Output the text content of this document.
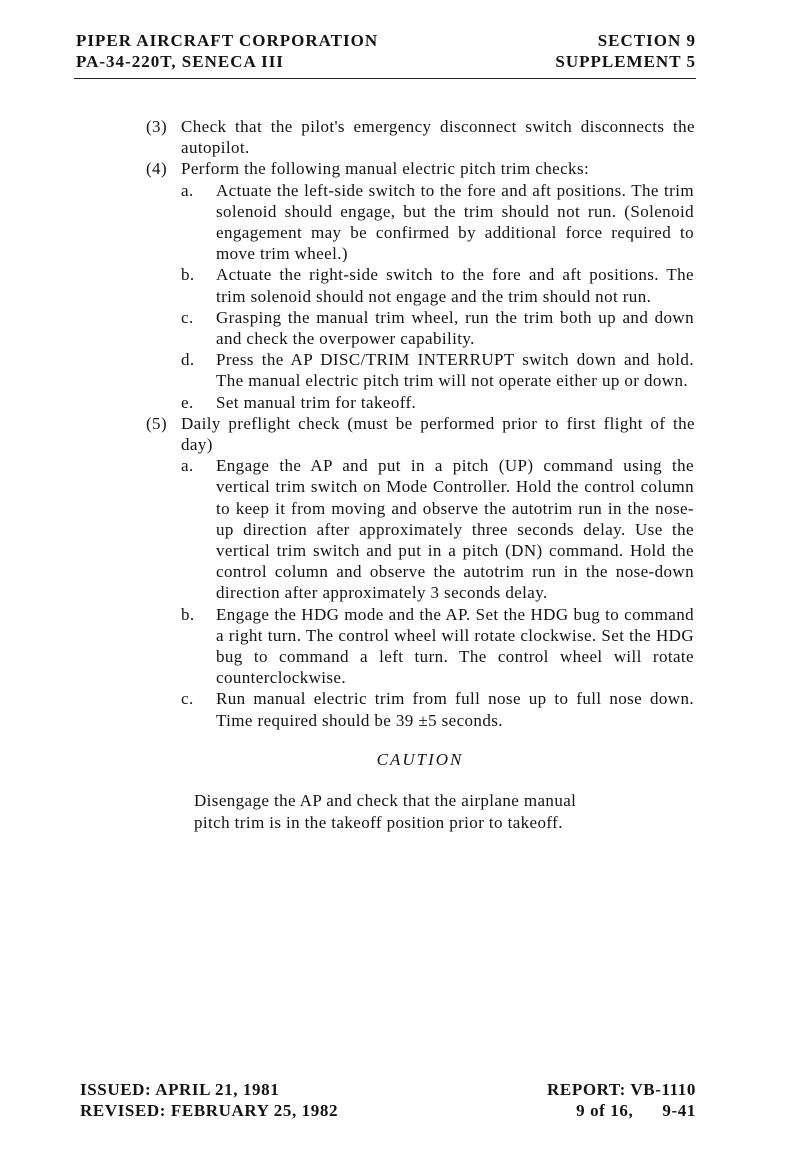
PIPER AIRCRAFT CORPORATION
PA-34-220T, SENECA III
SECTION 9
SUPPLEMENT 5
(3) Check that the pilot's emergency disconnect switch disconnects the autopilot.
(4) Perform the following manual electric pitch trim checks:
a. Actuate the left-side switch to the fore and aft positions. The trim solenoid should engage, but the trim should not run. (Solenoid engagement may be confirmed by additional force required to move trim wheel.)
b. Actuate the right-side switch to the fore and aft positions. The trim solenoid should not engage and the trim should not run.
c. Grasping the manual trim wheel, run the trim both up and down and check the overpower capability.
d. Press the AP DISC/TRIM INTERRUPT switch down and hold. The manual electric pitch trim will not operate either up or down.
e. Set manual trim for takeoff.
(5) Daily preflight check (must be performed prior to first flight of the day)
a. Engage the AP and put in a pitch (UP) command using the vertical trim switch on Mode Controller. Hold the control column to keep it from moving and observe the autotrim run in the nose-up direction after approximately three seconds delay. Use the vertical trim switch and put in a pitch (DN) command. Hold the control column and observe the autotrim run in the nose-down direction after approximately 3 seconds delay.
b. Engage the HDG mode and the AP. Set the HDG bug to command a right turn. The control wheel will rotate clockwise. Set the HDG bug to command a left turn. The control wheel will rotate counterclockwise.
c. Run manual electric trim from full nose up to full nose down. Time required should be 39 ±5 seconds.
CAUTION
Disengage the AP and check that the airplane manual pitch trim is in the takeoff position prior to takeoff.
ISSUED: APRIL 21, 1981
REVISED: FEBRUARY 25, 1982
REPORT: VB-1110
9 of 16,      9-41
